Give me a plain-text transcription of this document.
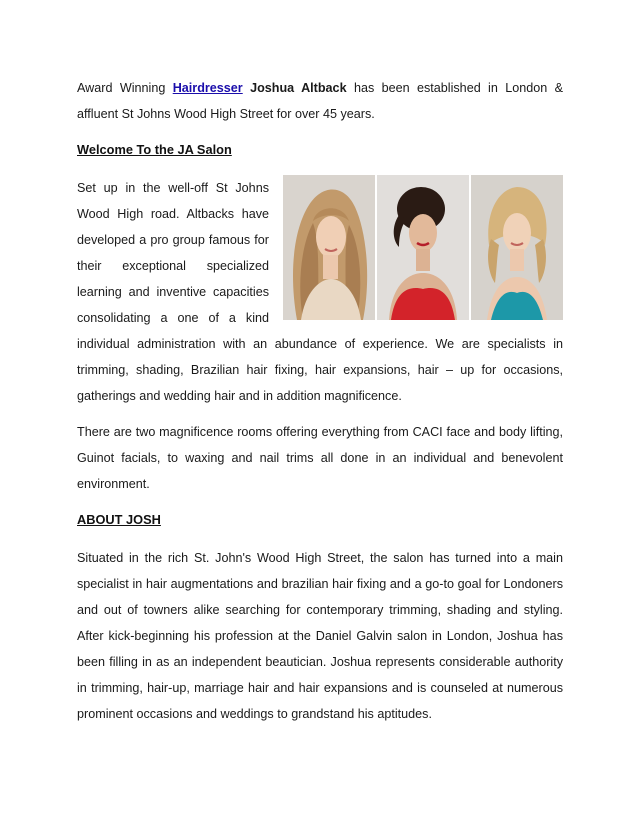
Award Winning Hairdresser Joshua Altback has been established in London & affluent St Johns Wood High Street for over 45 years.

Welcome To the JA Salon

Set up in the well-off St Johns Wood High road. Altbacks have developed a pro group famous for their exceptional specialized learning and inventive capacities consolidating a one of a kind individual administration with an abundance of experience. We are specialists in trimming, shading, Brazilian hair fixing, hair expansions, hair – up for occasions, gatherings and wedding hair and in addition magnificence.

There are two magnificence rooms offering everything from CACI face and body lifting, Guinot facials, to waxing and nail trims all done in an individual and benevolent environment.

ABOUT JOSH

Situated in the rich St. John's Wood High Street, the salon has turned into a main specialist in hair augmentations and brazilian hair fixing and a go-to goal for Londoners and out of towners alike searching for contemporary trimming, shading and styling. After kick-beginning his profession at the Daniel Galvin salon in London, Joshua has been filling in as an independent beautician. Joshua represents considerable authority in trimming, hair-up, marriage hair and hair expansions and is counseled at numerous prominent occasions and weddings to grandstand his aptitudes.
